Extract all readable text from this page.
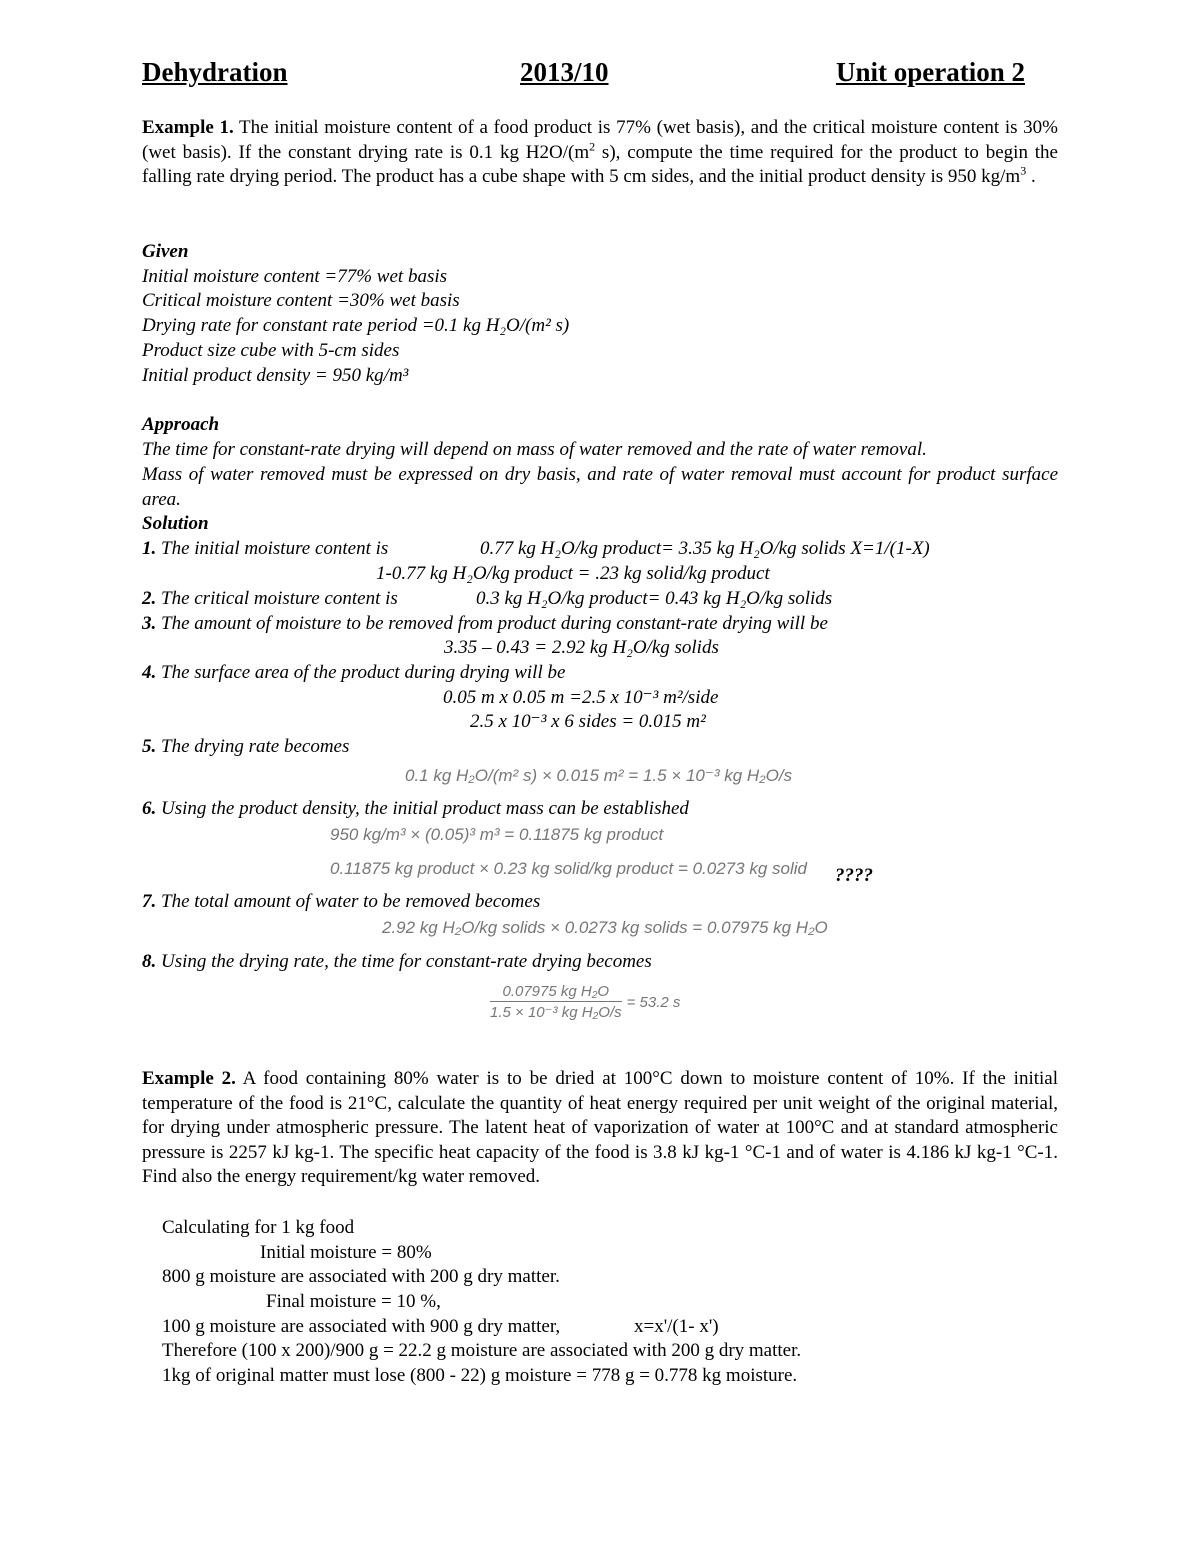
Dehydration	2013/10	Unit operation 2
Example 1. The initial moisture content of a food product is 77% (wet basis), and the critical moisture content is 30% (wet basis). If the constant drying rate is 0.1 kg $H2O/(m^2$ s), compute the time required for the product to begin the falling rate drying period. The product has a cube shape with 5 cm sides, and the initial product density is 950 $kg/m^3$ .
Given
Initial moisture content =77% wet basis
Critical moisture content =30% wet basis
Drying rate for constant rate period =0.1 kg H₂O/(m² s)
Product size cube with 5-cm sides
Initial product density = 950 kg/m³
Approach
The time for constant-rate drying will depend on mass of water removed and the rate of water removal.
Mass of water removed must be expressed on dry basis, and rate of water removal must account for product surface area.
Solution
1. The initial moisture content is	0.77 kg H₂O/kg product= 3.35 kg H₂O/kg solids X=1/(1-X)
1-0.77 kg H₂O/kg product = .23 kg solid/kg product
2. The critical moisture content is	0.3 kg H₂O/kg product= 0.43 kg H₂O/kg solids
3. The amount of moisture to be removed from product during constant-rate drying will be
3.35 – 0.43 = 2.92 kg H₂O/kg solids
4. The surface area of the product during drying will be
0.05 m x 0.05 m =2.5 x 10⁻³ m²/side
2.5 x 10⁻³ x 6 sides = 0.015 m²
5. The drying rate becomes
0.1 kg H₂O/(m² s) × 0.015 m² = 1.5 × 10⁻³ kg H₂O/s
6. Using the product density, the initial product mass can be established
950 kg/m³ × (0.05)³ m³ = 0.11875 kg product
0.11875 kg product × 0.23 kg solid/kg product = 0.0273 kg solid ????
7. The total amount of water to be removed becomes
2.92 kg H₂O/kg solids × 0.0273 kg solids = 0.07975 kg H₂O
8. Using the drying rate, the time for constant-rate drying becomes
$\frac{\text{0.07975 kg H₂O}}{\text{1.5 × 10⁻³ kg H₂O/s}} = 53.2$ s
Example 2. A food containing 80% water is to be dried at 100°C down to moisture content of 10%. If the initial temperature of the food is 21°C, calculate the quantity of heat energy required per unit weight of the original material, for drying under atmospheric pressure. The latent heat of vaporization of water at 100°C and at standard atmospheric pressure is 2257 kJ kg-1. The specific heat capacity of the food is 3.8 kJ kg-1 °C-1 and of water is 4.186 kJ kg-1 °C-1. Find also the energy requirement/kg water removed.
Calculating for 1 kg food
Initial moisture = 80%
800 g moisture are associated with 200 g dry matter.
Final moisture = 10 %,
100 g moisture are associated with 900 g dry matter,	x=x'/(1- x')
Therefore (100 x 200)/900 g = 22.2 g moisture are associated with 200 g dry matter.
1kg of original matter must lose (800 - 22) g moisture = 778 g = 0.778 kg moisture.
